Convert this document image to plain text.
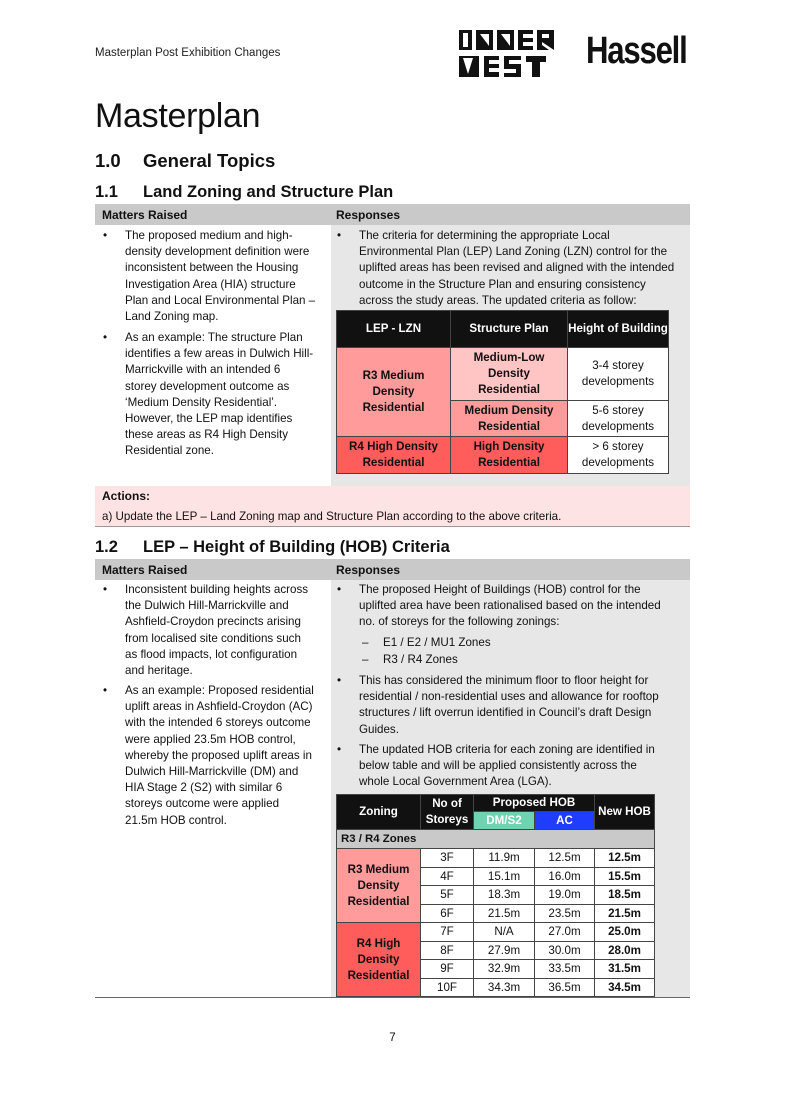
Masterplan Post Exhibition Changes	Hassell
Masterplan
1.0 General Topics
1.1 Land Zoning and Structure Plan
Matters Raised	Responses
• The proposed medium and high-
density development definition were
inconsistent between the Housing
Investigation Area (HIA) structure
Plan and Local Environmental Plan –
Land Zoning map.
• As an example: The structure Plan
identifies a few areas in Dulwich Hill-
Marrickville with an intended 6
storey development outcome as
‘Medium Density Residential’.
However, the LEP map identifies
these areas as R4 High Density
Residential zone.
• The criteria for determining the appropriate Local
Environmental Plan (LEP) Land Zoning (LZN) control for the
uplifted areas has been revised and aligned with the intended
outcome in the Structure Plan and ensuring consistency
across the study areas. The updated criteria as follow:
LEP - LZN	Structure Plan	Height of Building
R3 Medium Density Residential	Medium-Low Density Residential	3-4 storey developments
	Medium Density Residential	5-6 storey developments
R4 High Density Residential	High Density Residential	> 6 storey developments
Actions:
a) Update the LEP – Land Zoning map and Structure Plan according to the above criteria.
1.2 LEP – Height of Building (HOB) Criteria
Matters Raised	Responses
• Inconsistent building heights across
the Dulwich Hill-Marrickville and
Ashfield-Croydon precincts arising
from localised site conditions such
as flood impacts, lot configuration
and heritage.
• As an example: Proposed residential
uplift areas in Ashfield-Croydon (AC)
with the intended 6 storeys outcome
were applied 23.5m HOB control,
whereby the proposed uplift areas in
Dulwich Hill-Marrickville (DM) and
HIA Stage 2 (S2) with similar 6
storeys outcome were applied
21.5m HOB control.
• The proposed Height of Buildings (HOB) control for the
uplifted area have been rationalised based on the intended
no. of storeys for the following zonings:
– E1 / E2 / MU1 Zones
– R3 / R4 Zones
• This has considered the minimum floor to floor height for
residential / non-residential uses and allowance for rooftop
structures / lift overrun identified in Council’s draft Design
Guides.
• The updated HOB criteria for each zoning are identified in
below table and will be applied consistently across the
whole Local Government Area (LGA).
Zoning	No of Storeys	Proposed HOB		New HOB
		DM/S2	AC	
R3 / R4 Zones				
R3 Medium Density Residential	3F	11.9m	12.5m	12.5m
	4F	15.1m	16.0m	15.5m
	5F	18.3m	19.0m	18.5m
	6F	21.5m	23.5m	21.5m
R4 High Density Residential	7F	N/A	27.0m	25.0m
	8F	27.9m	30.0m	28.0m
	9F	32.9m	33.5m	31.5m
	10F	34.3m	36.5m	34.5m
7
